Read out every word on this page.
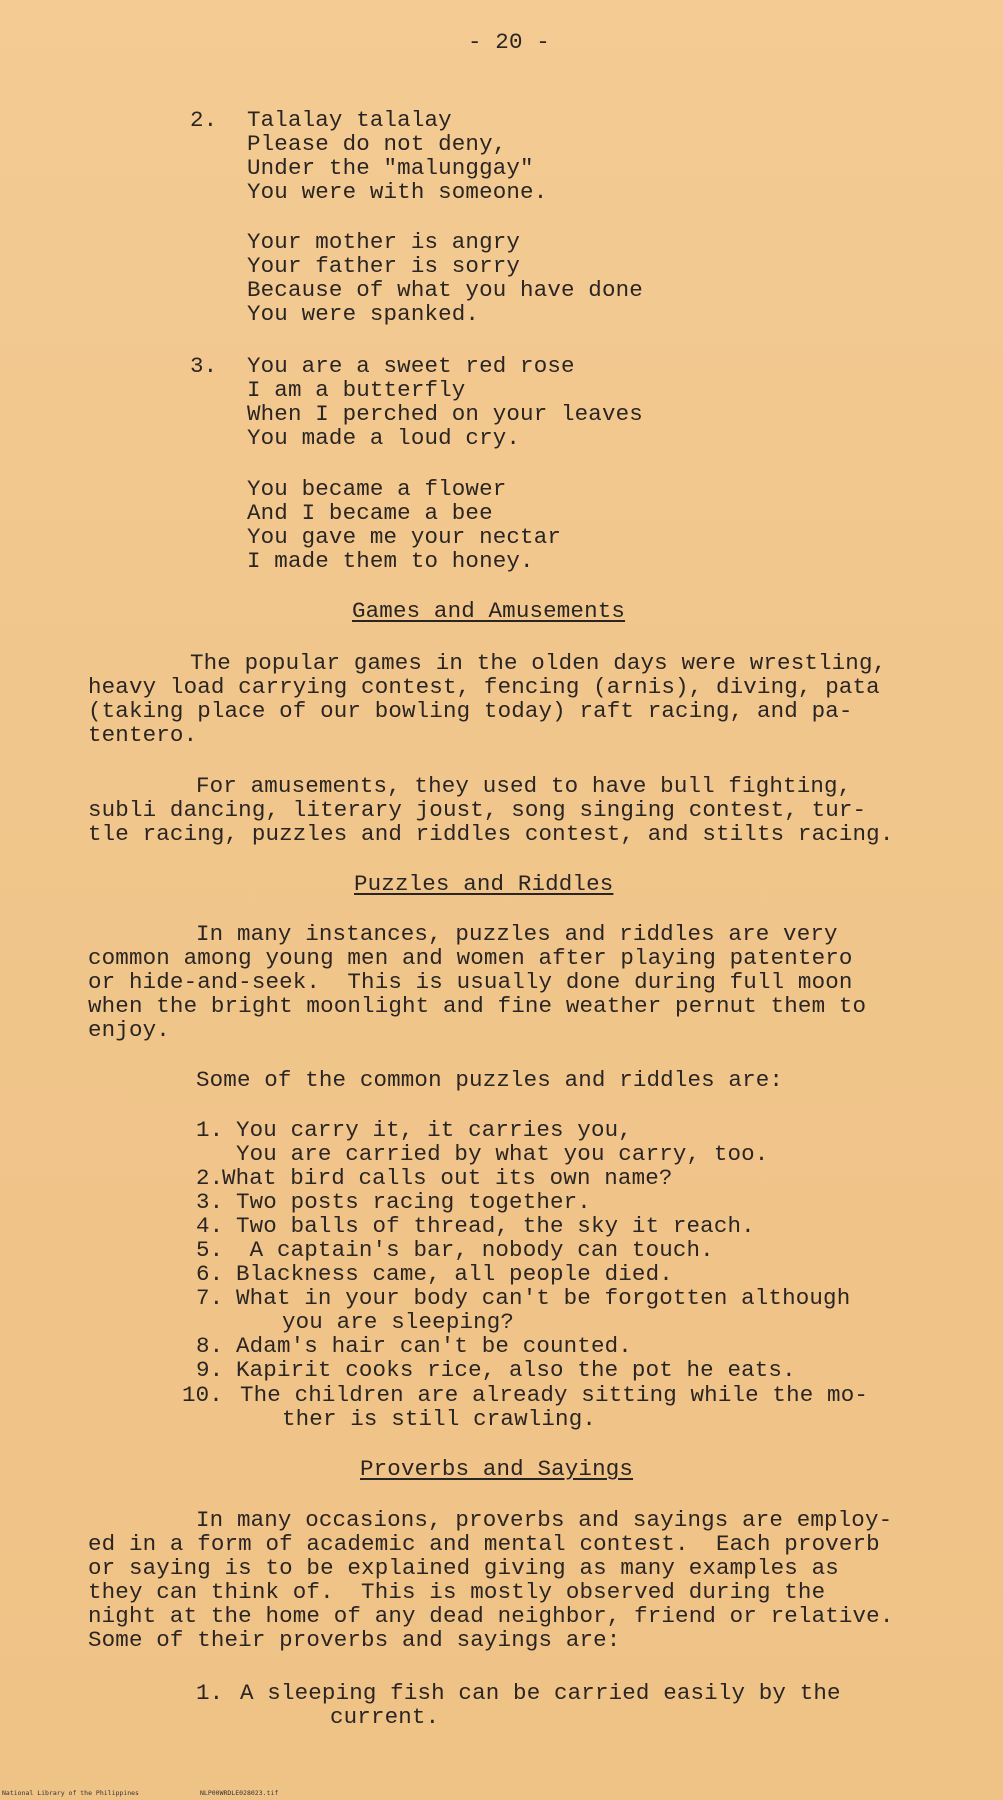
- 20 -
2. Talalay talalay
Please do not deny,
Under the "malunggay"
You were with someone.
Your mother is angry
Your father is sorry
Because of what you have done
You were spanked.
3. You are a sweet red rose
I am a butterfly
When I perched on your leaves
You made a loud cry.
You became a flower
And I became a bee
You gave me your nectar
I made them to honey.
Games and Amusements
The popular games in the olden days were wrestling,
heavy load carrying contest, fencing (arnis), diving, pata
(taking place of our bowling today) raft racing, and pa-
tentero.
For amusements, they used to have bull fighting,
subli dancing, literary joust, song singing contest, tur-
tle racing, puzzles and riddles contest, and stilts racing.
Puzzles and Riddles
In many instances, puzzles and riddles are very
common among young men and women after playing patentero
or hide-and-seek.  This is usually done during full moon
when the bright moonlight and fine weather pernut them to
enjoy.
Some of the common puzzles and riddles are:
1. You carry it, it carries you,
You are carried by what you carry, too.
2.
What bird calls out its own name?
3. Two posts racing together.
4. Two balls of thread, the sky it reach.
5. A captain's bar, nobody can touch.
6. Blackness came, all people died.
7. What in your body can't be forgotten although
you are sleeping?
8. Adam's hair can't be counted.
9. Kapirit cooks rice, also the pot he eats.
10. The children are already sitting while the mo-
ther is still crawling.
Proverbs and Sayings
In many occasions, proverbs and sayings are employ-
ed in a form of academic and mental contest.  Each proverb
or saying is to be explained giving as many examples as
they can think of.  This is mostly observed during the
night at the home of any dead neighbor, friend or relative.
Some of their proverbs and sayings are:
1. A sleeping fish can be carried easily by the
current.
National Library of the Philippines	NLP00WRDLE028023.tif
